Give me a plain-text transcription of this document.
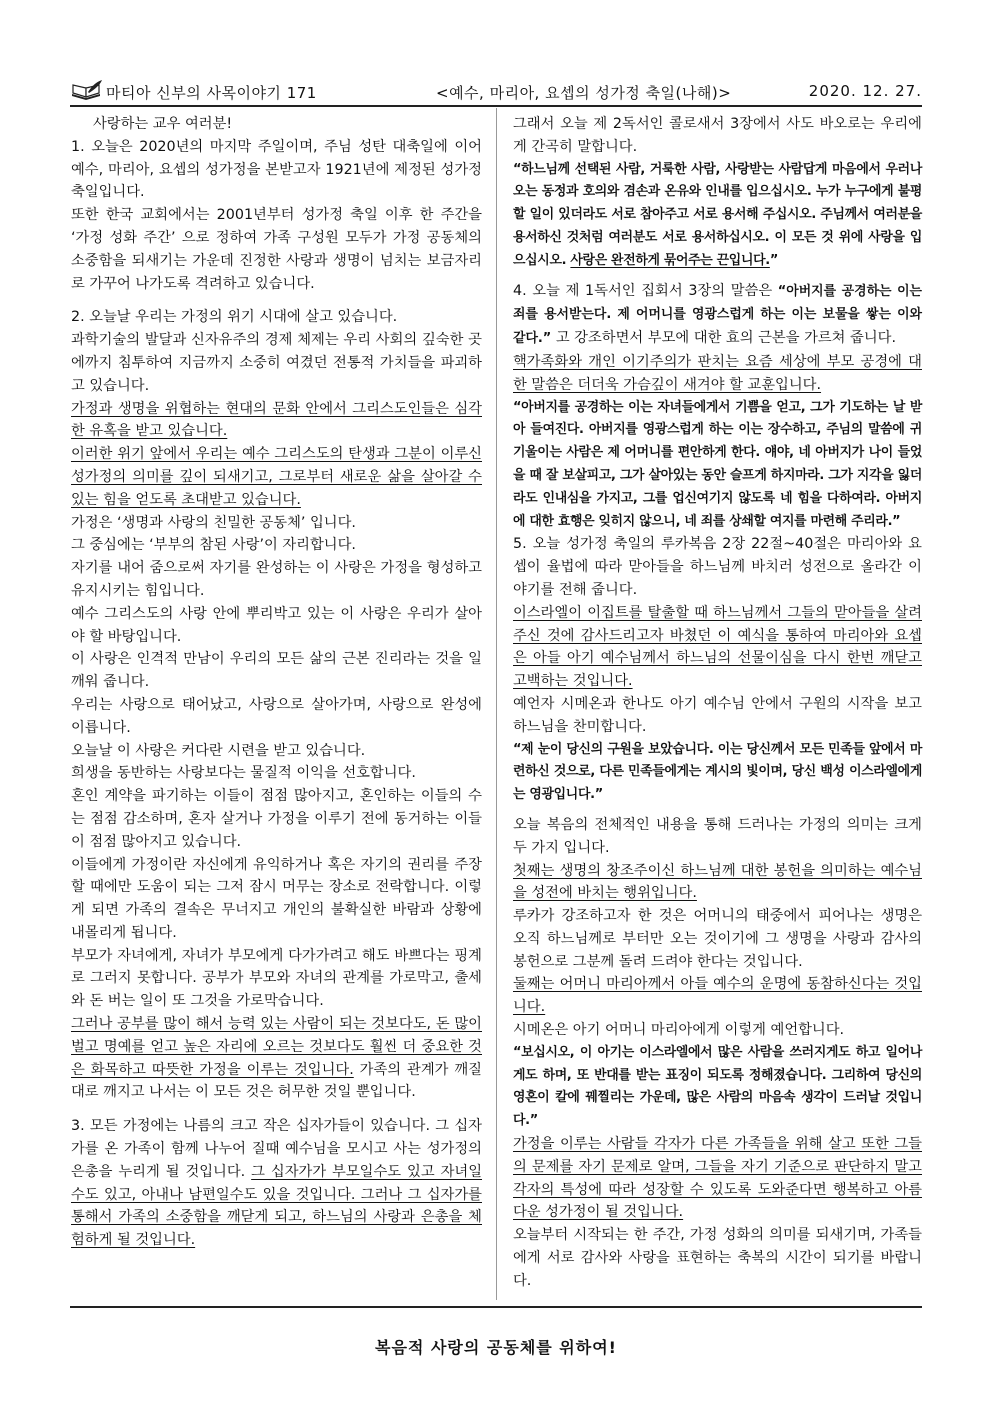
마티아 신부의 사목이야기 171	<예수, 마리아, 요셉의 성가정 축일(나해)>	2020. 12. 27.

사랑하는 교우 여러분!

1. 오늘은 2020년의 마지막 주일이며, 주님 성탄 대축일에 이어 예수, 마리아, 요셉의 성가정을 본받고자 1921년에 제정된 성가정 축일입니다.

또한 한국 교회에서는 2001년부터 성가정 축일 이후 한 주간을 ‘가정 성화 주간’ 으로 정하여 가족 구성원 모두가 가정 공동체의 소중함을 되새기는 가운데 진정한 사랑과 생명이 넘치는 보금자리로 가꾸어 나가도록 격려하고 있습니다.

2. 오늘날 우리는 가정의 위기 시대에 살고 있습니다.

과학기술의 발달과 신자유주의 경제 체제는 우리 사회의 깊숙한 곳에까지 침투하여 지금까지 소중히 여겼던 전통적 가치들을 파괴하고 있습니다.

가정과 생명을 위협하는 현대의 문화 안에서 그리스도인들은 심각한 유혹을 받고 있습니다.

이러한 위기 앞에서 우리는 예수 그리스도의 탄생과 그분이 이루신 성가정의 의미를 깊이 되새기고, 그로부터 새로운 삶을 살아갈 수 있는 힘을 얻도록 초대받고 있습니다.

가정은 ‘생명과 사랑의 친밀한 공동체’ 입니다.

그 중심에는 ‘부부의 참된 사랑’이 자리합니다.

자기를 내어 줌으로써 자기를 완성하는 이 사랑은 가정을 형성하고 유지시키는 힘입니다.

예수 그리스도의 사랑 안에 뿌리박고 있는 이 사랑은 우리가 살아야 할 바탕입니다.

이 사랑은 인격적 만남이 우리의 모든 삶의 근본 진리라는 것을 일깨워 줍니다.

우리는 사랑으로 태어났고, 사랑으로 살아가며, 사랑으로 완성에 이릅니다.

오늘날 이 사랑은 커다란 시련을 받고 있습니다.

희생을 동반하는 사랑보다는 물질적 이익을 선호합니다.

혼인 계약을 파기하는 이들이 점점 많아지고, 혼인하는 이들의 수는 점점 감소하며, 혼자 살거나 가정을 이루기 전에 동거하는 이들이 점점 많아지고 있습니다.

이들에게 가정이란 자신에게 유익하거나 혹은 자기의 권리를 주장할 때에만 도움이 되는 그저 잠시 머무는 장소로 전락합니다. 이렇게 되면 가족의 결속은 무너지고 개인의 불확실한 바람과 상황에 내몰리게 됩니다.

부모가 자녀에게, 자녀가 부모에게 다가가려고 해도 바쁘다는 핑계로 그러지 못합니다. 공부가 부모와 자녀의 관계를 가로막고, 출세와 돈 버는 일이 또 그것을 가로막습니다.

그러나 공부를 많이 해서 능력 있는 사람이 되는 것보다도, 돈 많이 벌고 명예를 얻고 높은 자리에 오르는 것보다도 훨씬 더 중요한 것은 화목하고 따뜻한 가정을 이루는 것입니다. 가족의 관계가 깨질 대로 깨지고 나서는 이 모든 것은 허무한 것일 뿐입니다.

3. 모든 가정에는 나름의 크고 작은 십자가들이 있습니다. 그 십자가를 온 가족이 함께 나누어 질때 예수님을 모시고 사는 성가정의 은총을 누리게 될 것입니다. 그 십자가가 부모일수도 있고 자녀일수도 있고, 아내나 남편일수도 있을 것입니다. 그러나 그 십자가를 통해서 가족의 소중함을 깨닫게 되고, 하느님의 사랑과 은총을 체험하게 될 것입니다.

그래서 오늘 제 2독서인 콜로새서 3장에서 사도 바오로는 우리에게 간곡히 말합니다.

“하느님께 선택된 사람, 거룩한 사람, 사랑받는 사람답게 마음에서 우러나오는 동정과 호의와 겸손과 온유와 인내를 입으십시오. 누가 누구에게 불평할 일이 있더라도 서로 참아주고 서로 용서해 주십시오. 주님께서 여러분을 용서하신 것처럼 여러분도 서로 용서하십시오. 이 모든 것 위에 사랑을 입으십시오. 사랑은 완전하게 묶어주는 끈입니다.”

4. 오늘 제 1독서인 집회서 3장의 말씀은 “아버지를 공경하는 이는 죄를 용서받는다. 제 어머니를 영광스럽게 하는 이는 보물을 쌓는 이와 같다.” 고 강조하면서 부모에 대한 효의 근본을 가르쳐 줍니다.

핵가족화와 개인 이기주의가 판치는 요즘 세상에 부모 공경에 대한 말씀은 더더욱 가슴깊이 새겨야 할 교훈입니다.

“아버지를 공경하는 이는 자녀들에게서 기쁨을 얻고, 그가 기도하는 날 받아 들여진다. 아버지를 영광스럽게 하는 이는 장수하고, 주님의 말씀에 귀 기울이는 사람은 제 어머니를 편안하게 한다. 얘야, 네 아버지가 나이 들었을 때 잘 보살피고, 그가 살아있는 동안 슬프게 하지마라. 그가 지각을 잃더라도 인내심을 가지고, 그를 업신여기지 않도록 네 힘을 다하여라. 아버지에 대한 효행은 잊히지 않으니, 네 죄를 상쇄할 여지를 마련해 주리라.”

5. 오늘 성가정 축일의 루카복음 2장 22절~40절은 마리아와 요셉이 율법에 따라 맏아들을 하느님께 바치러 성전으로 올라간 이야기를 전해 줍니다.

이스라엘이 이집트를 탈출할 때 하느님께서 그들의 맏아들을 살려주신 것에 감사드리고자 바쳤던 이 예식을 통하여 마리아와 요셉은 아들 아기 예수님께서 하느님의 선물이심을 다시 한번 깨닫고 고백하는 것입니다.

예언자 시메온과 한나도 아기 예수님 안에서 구원의 시작을 보고 하느님을 찬미합니다.

“제 눈이 당신의 구원을 보았습니다. 이는 당신께서 모든 민족들 앞에서 마련하신 것으로, 다른 민족들에게는 계시의 빛이며, 당신 백성 이스라엘에게는 영광입니다.”

오늘 복음의 전체적인 내용을 통해 드러나는 가정의 의미는 크게 두 가지 입니다.

첫째는 생명의 창조주이신 하느님께 대한 봉헌을 의미하는 예수님을 성전에 바치는 행위입니다.

루카가 강조하고자 한 것은 어머니의 태중에서 피어나는 생명은 오직 하느님께로 부터만 오는 것이기에 그 생명을 사랑과 감사의 봉헌으로 그분께 돌려 드려야 한다는 것입니다.

둘째는 어머니 마리아께서 아들 예수의 운명에 동참하신다는 것입니다.

시메온은 아기 어머니 마리아에게 이렇게 예언합니다.

“보십시오, 이 아기는 이스라엘에서 많은 사람을 쓰러지게도 하고 일어나게도 하며, 또 반대를 받는 표징이 되도록 정해졌습니다. 그리하여 당신의 영혼이 칼에 꿰찔리는 가운데, 많은 사람의 마음속 생각이 드러날 것입니다.”

가정을 이루는 사람들 각자가 다른 가족들을 위해 살고 또한 그들의 문제를 자기 문제로 알며, 그들을 자기 기준으로 판단하지 말고 각자의 특성에 따라 성장할 수 있도록 도와준다면 행복하고 아름다운 성가정이 될 것입니다.

오늘부터 시작되는 한 주간, 가정 성화의 의미를 되새기며, 가족들에게 서로 감사와 사랑을 표현하는 축복의 시간이 되기를 바랍니다.

복음적 사랑의 공동체를 위하여!
